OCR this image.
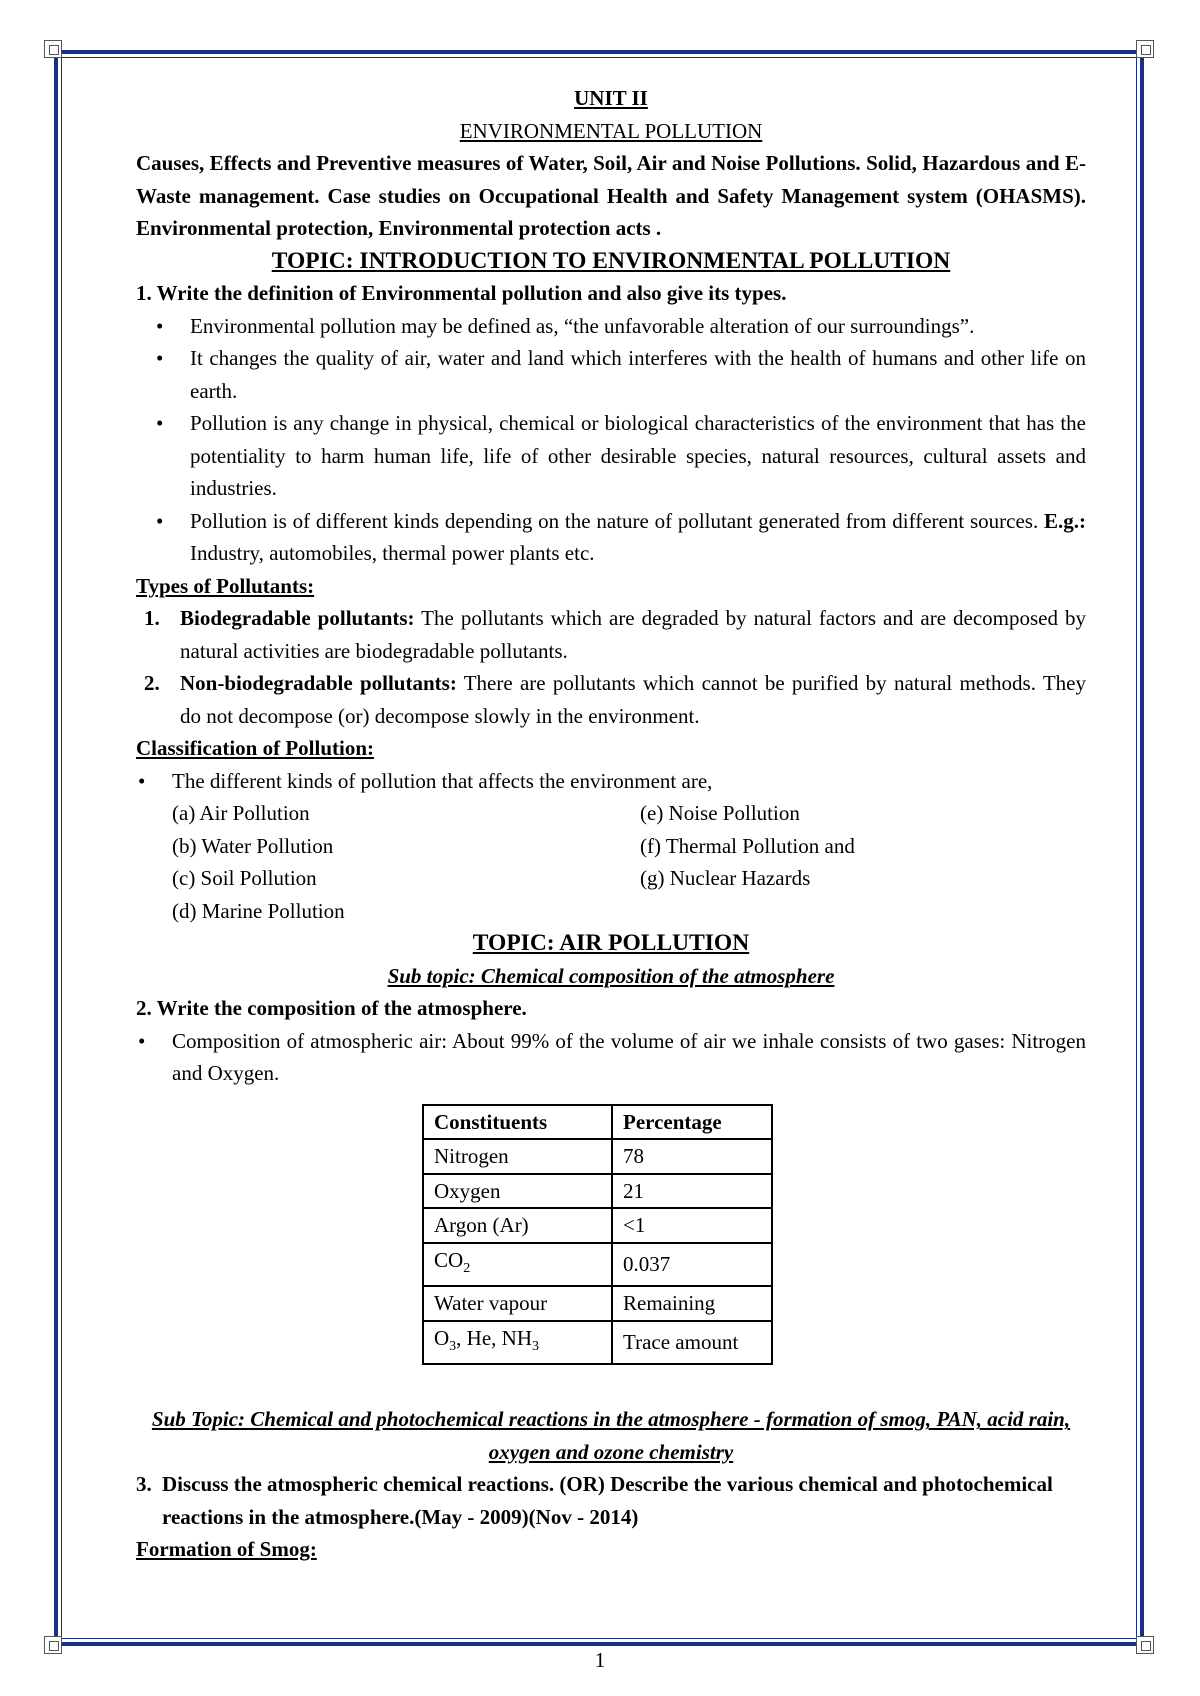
UNIT II

ENVIRONMENTAL POLLUTION

Causes, Effects and Preventive measures of Water, Soil, Air and Noise Pollutions. Solid, Hazardous and E-Waste management. Case studies on Occupational Health and Safety Management system (OHASMS). Environmental protection, Environmental protection acts .

TOPIC: INTRODUCTION TO ENVIRONMENTAL POLLUTION

1. Write the definition of Environmental pollution and also give its types.

• Environmental pollution may be defined as, “the unfavorable alteration of our surroundings”.
• It changes the quality of air, water and land which interferes with the health of humans and other life on earth.
• Pollution is any change in physical, chemical or biological characteristics of the environment that has the potentiality to harm human life, life of other desirable species, natural resources, cultural assets and industries.
• Pollution is of different kinds depending on the nature of pollutant generated from different sources. E.g.: Industry, automobiles, thermal power plants etc.

Types of Pollutants:

1. Biodegradable pollutants: The pollutants which are degraded by natural factors and are decomposed by natural activities are biodegradable pollutants.
2. Non-biodegradable pollutants: There are pollutants which cannot be purified by natural methods. They do not decompose (or) decompose slowly in the environment.

Classification of Pollution:

• The different kinds of pollution that affects the environment are,

(a) Air Pollution

(b) Water Pollution

(c) Soil Pollution

(d) Marine Pollution

(e) Noise Pollution

(f) Thermal Pollution and

(g) Nuclear Hazards

TOPIC: AIR POLLUTION

Sub topic: Chemical composition of the atmosphere

2. Write the composition of the atmosphere.

• Composition of atmospheric air: About 99% of the volume of air we inhale consists of two gases: Nitrogen and Oxygen.

Constituents	Percentage
Nitrogen	78
Oxygen	21
Argon (Ar)	<1
$CO_2$	0.037
Water vapour	Remaining
$O_3$, He, $NH_3$	Trace amount

Sub Topic: Chemical and photochemical reactions in the atmosphere - formation of smog, PAN, acid rain, oxygen and ozone chemistry

3. Discuss the atmospheric chemical reactions. (OR) Describe the various chemical and photochemical reactions in the atmosphere.(May - 2009)(Nov - 2014)

Formation of Smog:

1
